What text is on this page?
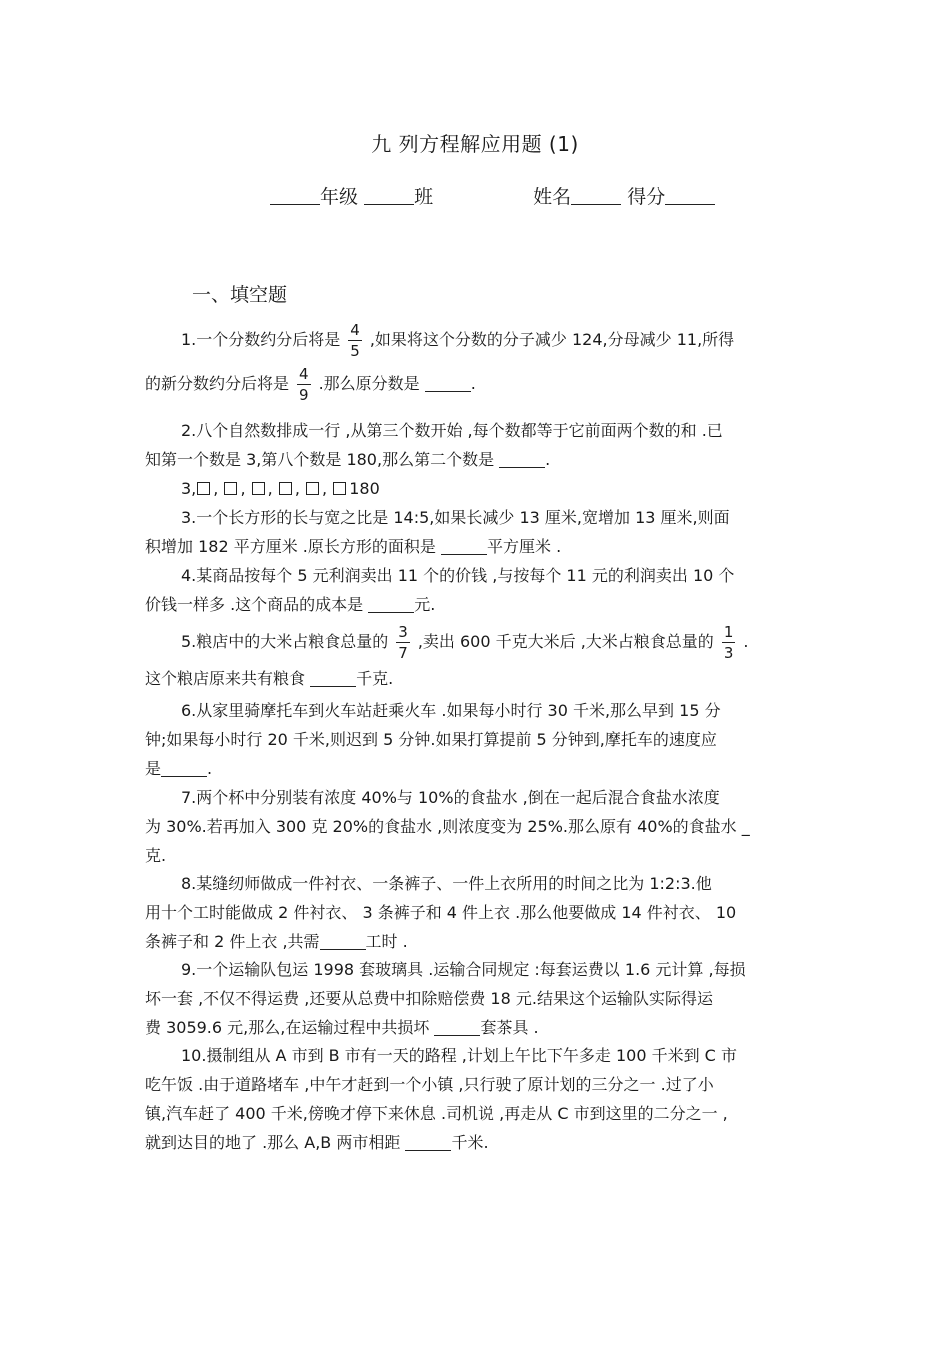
九 列方程解应用题 (1)
年级	班	姓名	得分
一、填空题

1.一个分数约分后将是 $\frac{4}{5}$ ,如果将这个分数的分子减少 124,分母减少 11,所得

的新分数约分后将是 $\frac{4}{9}$ .那么原分数是	.

2.八个自然数排成一行 ,从第三个数开始 ,每个数都等于它前面两个数的和 .已

知第一个数是 3,第八个数是 180,那么第二个数是	.

3, , , , , , 180

3.一个长方形的长与宽之比是 14:5,如果长减少 13 厘米,宽增加 13 厘米,则面

积增加 182 平方厘米 .原长方形的面积是	平方厘米 .

4.某商品按每个 5 元利润卖出 11 个的价钱 ,与按每个 11 元的利润卖出 10 个

价钱一样多 .这个商品的成本是	元.

5.粮店中的大米占粮食总量的 $\frac{3}{7}$ ,卖出 600 千克大米后 ,大米占粮食总量的 $\frac{1}{3}$ .

这个粮店原来共有粮食	千克.

6.从家里骑摩托车到火车站赶乘火车 .如果每小时行 30 千米,那么早到 15 分

钟;如果每小时行 20 千米,则迟到 5 分钟.如果打算提前 5 分钟到,摩托车的速度应

是	.

7.两个杯中分别装有浓度 40%与 10%的食盐水 ,倒在一起后混合食盐水浓度

为 30%.若再加入 300 克 20%的食盐水 ,则浓度变为 25%.那么原有 40%的食盐水 _

克.

8.某缝纫师做成一件衬衣、一条裤子、一件上衣所用的时间之比为 1:2:3.他

用十个工时能做成 2 件衬衣、 3 条裤子和 4 件上衣 .那么他要做成 14 件衬衣、 10

条裤子和 2 件上衣 ,共需	工时 .

9.一个运输队包运 1998 套玻璃具 .运输合同规定 :每套运费以 1.6 元计算 ,每损

坏一套 ,不仅不得运费 ,还要从总费中扣除赔偿费 18 元.结果这个运输队实际得运

费 3059.6 元,那么,在运输过程中共损坏	套茶具 .

10.摄制组从 A 市到 B 市有一天的路程 ,计划上午比下午多走 100 千米到 C 市

吃午饭 .由于道路堵车 ,中午才赶到一个小镇 ,只行驶了原计划的三分之一 .过了小

镇,汽车赶了 400 千米,傍晚才停下来休息 .司机说 ,再走从 C 市到这里的二分之一 ,

就到达目的地了 .那么 A,B 两市相距	千米.
